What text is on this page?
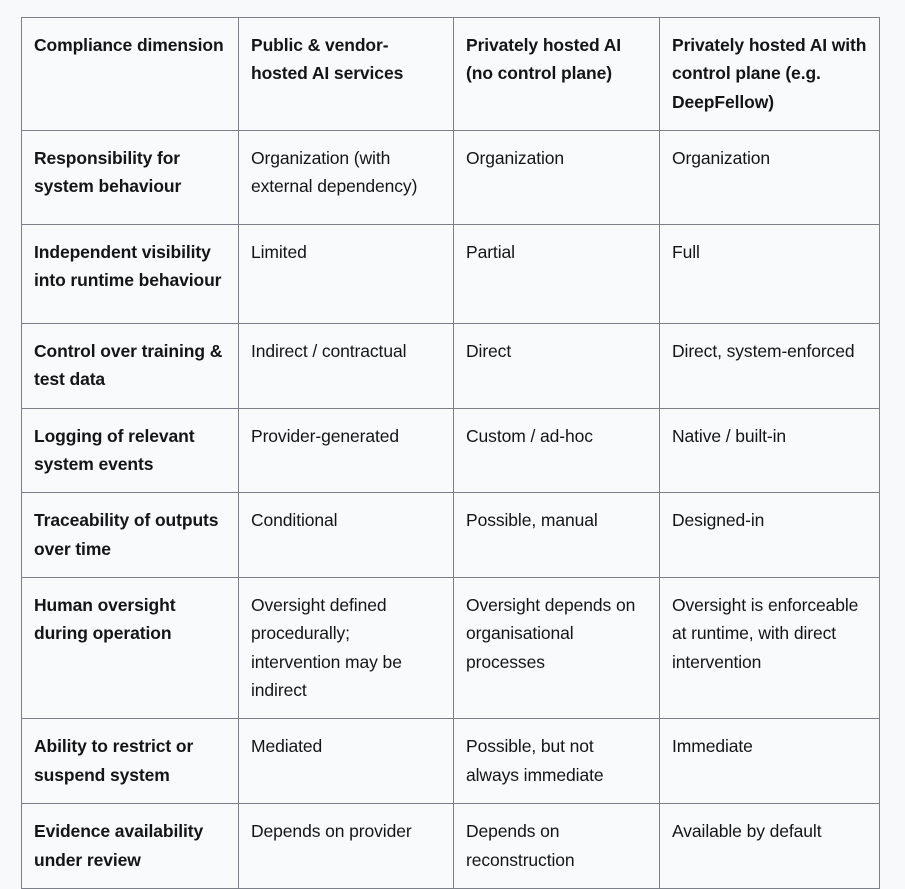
Compliance dimension	Public & vendor-hosted AI services	Privately hosted AI (no control plane)	Privately hosted AI with control plane (e.g. DeepFellow)
Responsibility for system behaviour	Organization (with external dependency)	Organization	Organization
Independent visibility into runtime behaviour	Limited	Partial	Full
Control over training & test data	Indirect / contractual	Direct	Direct, system-enforced
Logging of relevant system events	Provider-generated	Custom / ad-hoc	Native / built-in
Traceability of outputs over time	Conditional	Possible, manual	Designed-in
Human oversight during operation	Oversight defined procedurally; intervention may be indirect	Oversight depends on organisational processes	Oversight is enforceable at runtime, with direct intervention
Ability to restrict or suspend system	Mediated	Possible, but not always immediate	Immediate
Evidence availability under review	Depends on provider	Depends on reconstruction	Available by default
